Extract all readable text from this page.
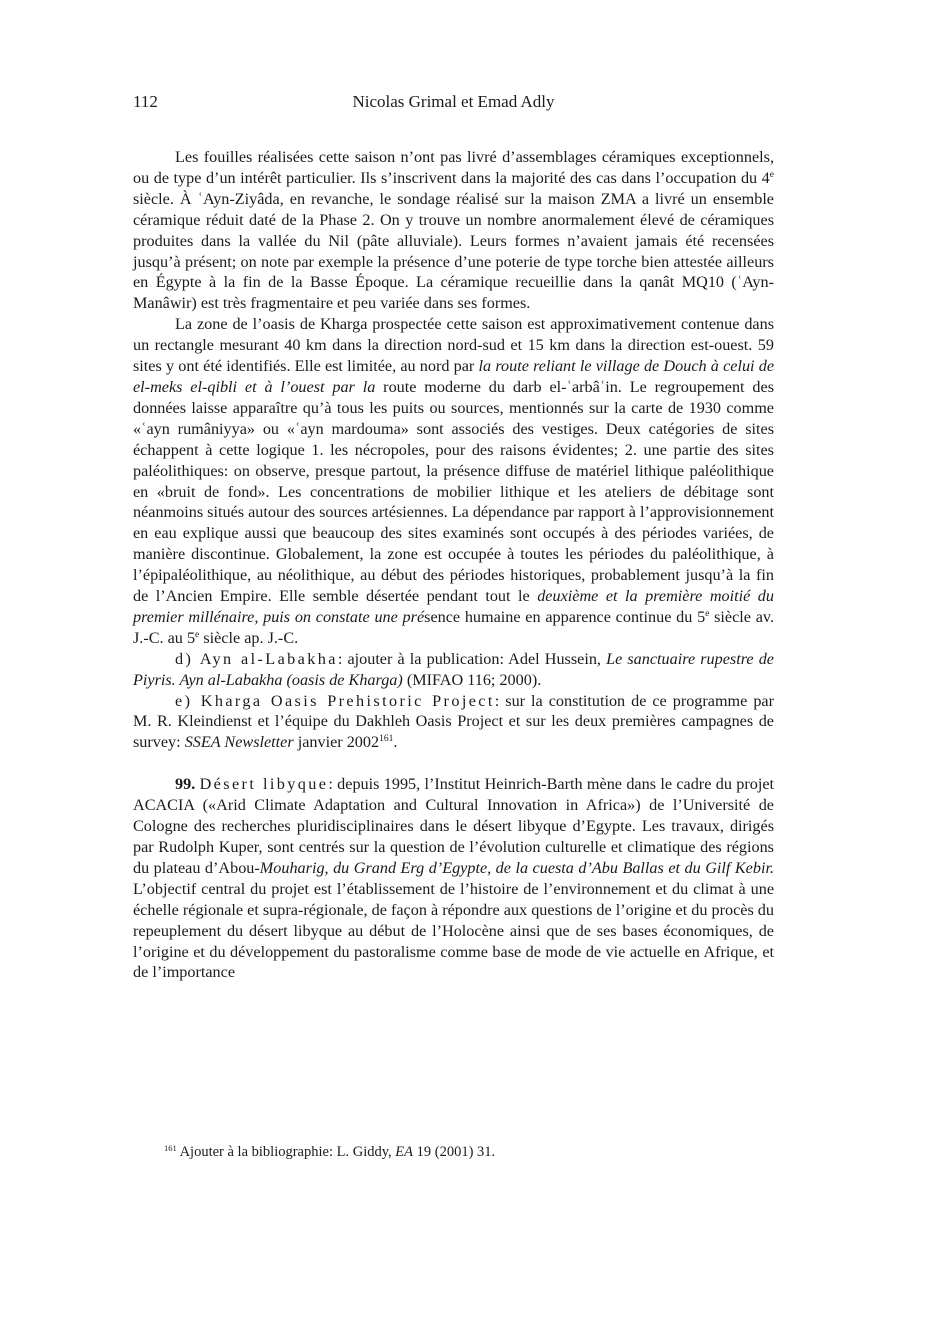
112	Nicolas Grimal et Emad Adly

Les fouilles réalisées cette saison n’ont pas livré d’assemblages céramiques exceptionnels, ou de type d’un intérêt particulier. Ils s’inscrivent dans la majorité des cas dans l’occupation du 4e siècle. À ʿAyn-Ziyâda, en revanche, le sondage réalisé sur la maison ZMA a livré un ensemble céramique réduit daté de la Phase 2. On y trouve un nombre anormalement élevé de céramiques produites dans la vallée du Nil (pâte alluviale). Leurs formes n’avaient jamais été recensées jusqu’à présent; on note par exemple la présence d’une poterie de type torche bien attestée ailleurs en Égypte à la fin de la Basse Époque. La céramique recueillie dans la qanât MQ10 (ʿAyn-Manâwir) est très fragmentaire et peu variée dans ses formes.

La zone de l’oasis de Kharga prospectée cette saison est approximativement contenue dans un rectangle mesurant 40 km dans la direction nord-sud et 15 km dans la direction est-ouest. 59 sites y ont été identifiés. Elle est limitée, au nord par la route reliant le village de Douch à celui de el-meks el-qibli et à l’ouest par la route moderne du darb el-ʿarbâʿin. Le regroupement des données laisse apparaître qu’à tous les puits ou sources, mentionnés sur la carte de 1930 comme «ʿayn rumâniyya» ou «ʿayn mardouma» sont associés des vestiges. Deux catégories de sites échappent à cette logique 1. les nécropoles, pour des raisons évidentes; 2. une partie des sites paléolithiques: on observe, presque partout, la présence diffuse de matériel lithique paléolithique en «bruit de fond». Les concentrations de mobilier lithique et les ateliers de débitage sont néanmoins situés autour des sources artésiennes. La dépendance par rapport à l’approvisionnement en eau explique aussi que beaucoup des sites examinés sont occupés à des périodes variées, de manière discontinue. Globalement, la zone est occupée à toutes les périodes du paléolithique, à l’épipaléolithique, au néolithique, au début des périodes historiques, probablement jusqu’à la fin de l’Ancien Empire. Elle semble désertée pendant tout le deuxième et la première moitié du premier millénaire, puis on constate une présence humaine en apparence continue du 5e siècle av. J.-C. au 5e siècle ap. J.-C.

d) Ayn al-Labakha: ajouter à la publication: Adel Hussein, Le sanctuaire rupestre de Piyris. Ayn al-Labakha (oasis de Kharga) (MIFAO 116; 2000).

e) Kharga Oasis Prehistoric Project: sur la constitution de ce programme par M. R. Kleindienst et l’équipe du Dakhleh Oasis Project et sur les deux premières campagnes de survey: SSEA Newsletter janvier 2002$^{161}$.

99. Désert libyque: depuis 1995, l’Institut Heinrich-Barth mène dans le cadre du projet ACACIA («Arid Climate Adaptation and Cultural Innovation in Africa») de l’Université de Cologne des recherches pluridisciplinaires dans le désert libyque d’Egypte. Les travaux, dirigés par Rudolph Kuper, sont centrés sur la question de l’évolution culturelle et climatique des régions du plateau d’Abou-Mouharig, du Grand Erg d’Egypte, de la cuesta d’Abu Ballas et du Gilf Kebir. L’objectif central du projet est l’établissement de l’histoire de l’environnement et du climat à une échelle régionale et supra-régionale, de façon à répondre aux questions de l’origine et du procès du repeuplement du désert libyque au début de l’Holocène ainsi que de ses bases économiques, de l’origine et du développement du pastoralisme comme base de mode de vie actuelle en Afrique, et de l’importance

$^{161}$ Ajouter à la bibliographie: L. Giddy, EA 19 (2001) 31.
